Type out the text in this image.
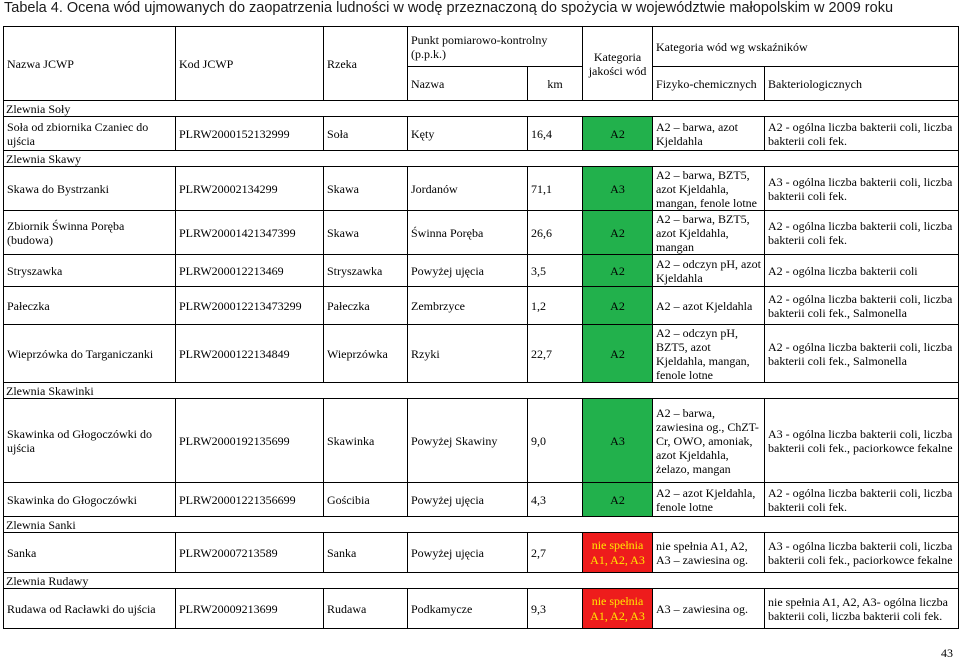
Tabela 4. Ocena wód ujmowanych do zaopatrzenia ludności w wodę przeznaczoną do spożycia w województwie małopolskim w 2009 roku
Nazwa JCWP	Kod JCWP	Rzeka	Punkt pomiarowo-kontrolny (p.p.k.)		Kategoria jakości wód	Kategoria wód wg wskaźników	
			Nazwa	km		Fizyko-chemicznych	Bakteriologicznych
Zlewnia Soły							
Soła od zbiornika Czaniec do ujścia	PLRW2000152132999	Soła	Kęty	16,4	A2	A2 – barwa, azot Kjeldahla	A2 - ogólna liczba bakterii coli, liczba bakterii coli fek.
Zlewnia Skawy							
Skawa do Bystrzanki	PLRW20002134299	Skawa	Jordanów	71,1	A3	A2 – barwa, BZT5, azot Kjeldahla, mangan, fenole lotne	A3 - ogólna liczba bakterii coli, liczba bakterii coli fek.
Zbiornik Świnna Poręba (budowa)	PLRW20001421347399	Skawa	Świnna Poręba	26,6	A2	A2 – barwa, BZT5, azot Kjeldahla, mangan	A2 - ogólna liczba bakterii coli, liczba bakterii coli fek.
Stryszawka	PLRW200012213469	Stryszawka	Powyżej ujęcia	3,5	A2	A2 – odczyn pH, azot Kjeldahla	A2 - ogólna liczba bakterii coli
Pałeczka	PLRW200012213473299	Pałeczka	Zembrzyce	1,2	A2	A2 – azot Kjeldahla	A2 - ogólna liczba bakterii coli, liczba bakterii coli fek., Salmonella
Wieprzówka do Targaniczanki	PLRW2000122134849	Wieprzówka	Rzyki	22,7	A2	A2 – odczyn pH, BZT5, azot Kjeldahla, mangan, fenole lotne	A2 - ogólna liczba bakterii coli, liczba bakterii coli fek., Salmonella
Zlewnia Skawinki							
Skawinka od Głogoczówki do ujścia	PLRW2000192135699	Skawinka	Powyżej Skawiny	9,0	A3	A2 – barwa, zawiesina og., ChZT-Cr, OWO, amoniak, azot Kjeldahla, żelazo, mangan	A3 - ogólna liczba bakterii coli, liczba bakterii coli fek., paciorkowce fekalne
Skawinka do Głogoczówki	PLRW20001221356699	Gościbia	Powyżej ujęcia	4,3	A2	A2 – azot Kjeldahla, fenole lotne	A2 - ogólna liczba bakterii coli, liczba bakterii coli fek.
Zlewnia Sanki							
Sanka	PLRW20007213589	Sanka	Powyżej ujęcia	2,7	nie spełnia A1, A2, A3	nie spełnia A1, A2, A3 – zawiesina og.	A3 - ogólna liczba bakterii coli, liczba bakterii coli fek., paciorkowce fekalne
Zlewnia Rudawy							
Rudawa od Racławki do ujścia	PLRW20009213699	Rudawa	Podkamycze	9,3	nie spełnia A1, A2, A3	A3 – zawiesina og.	nie spełnia A1, A2, A3- ogólna liczba bakterii coli, liczba bakterii coli fek.
43
